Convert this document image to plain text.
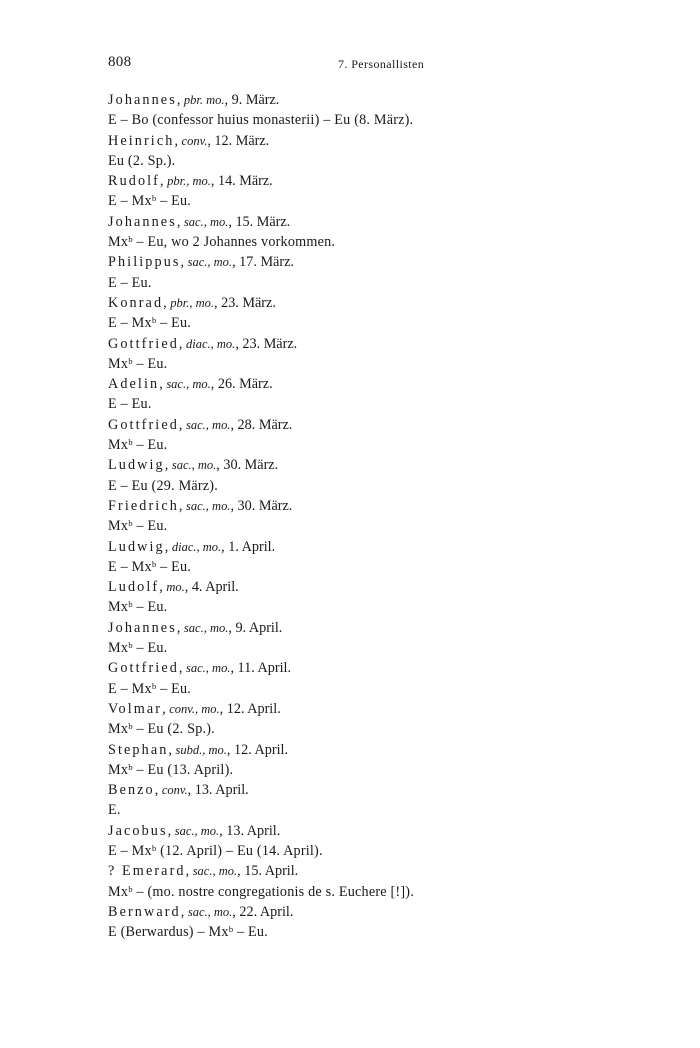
808	7. Personallisten
Johannes, pbr. mo., 9. März.
E – Bo (confessor huius monasterii) – Eu (8. März).
Heinrich, conv., 12. März.
Eu (2. Sp.).
Rudolf, pbr., mo., 14. März.
E – Mxᵇ – Eu.
Johannes, sac., mo., 15. März.
Mxᵇ – Eu, wo 2 Johannes vorkommen.
Philippus, sac., mo., 17. März.
E – Eu.
Konrad, pbr., mo., 23. März.
E – Mxᵇ – Eu.
Gottfried, diac., mo., 23. März.
Mxᵇ – Eu.
Adelin, sac., mo., 26. März.
E – Eu.
Gottfried, sac., mo., 28. März.
Mxᵇ – Eu.
Ludwig, sac., mo., 30. März.
E – Eu (29. März).
Friedrich, sac., mo., 30. März.
Mxᵇ – Eu.
Ludwig, diac., mo., 1. April.
E – Mxᵇ – Eu.
Ludolf, mo., 4. April.
Mxᵇ – Eu.
Johannes, sac., mo., 9. April.
Mxᵇ – Eu.
Gottfried, sac., mo., 11. April.
E – Mxᵇ – Eu.
Volmar, conv., mo., 12. April.
Mxᵇ – Eu (2. Sp.).
Stephan, subd., mo., 12. April.
Mxᵇ – Eu (13. April).
Benzo, conv., 13. April.
E.
Jacobus, sac., mo., 13. April.
E – Mxᵇ (12. April) – Eu (14. April).
? Emerard, sac., mo., 15. April.
Mxᵇ – (mo. nostre congregationis de s. Euchere [!]).
Bernward, sac., mo., 22. April.
E (Berwardus) – Mxᵇ – Eu.
